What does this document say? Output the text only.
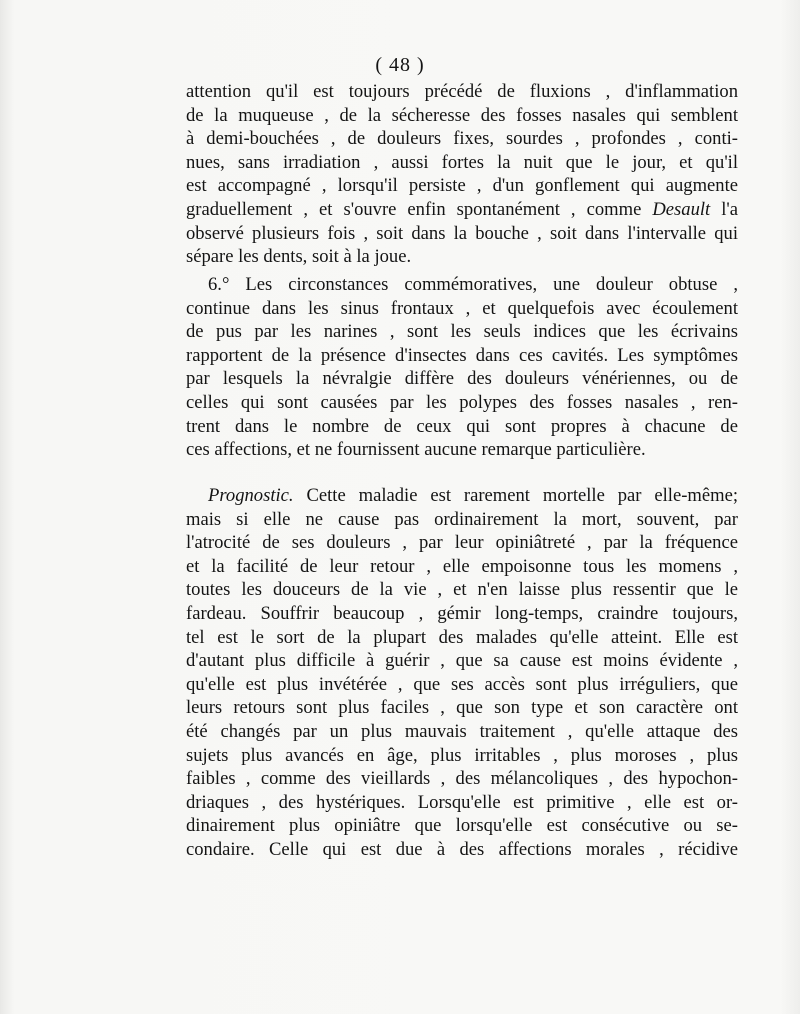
( 48 )
attention qu'il est toujours précédé de fluxions , d'inflammation
de la muqueuse , de la sécheresse des fosses nasales qui semblent
à demi-bouchées , de douleurs fixes, sourdes , profondes , conti-
nues, sans irradiation , aussi fortes la nuit que le jour, et qu'il
est accompagné , lorsqu'il persiste , d'un gonflement qui augmente
graduellement , et s'ouvre enfin spontanément , comme Desault l'a
observé plusieurs fois , soit dans la bouche , soit dans l'intervalle qui
sépare les dents, soit à la joue.
6.° Les circonstances commémoratives, une douleur obtuse ,
continue dans les sinus frontaux , et quelquefois avec écoulement
de pus par les narines , sont les seuls indices que les écrivains
rapportent de la présence d'insectes dans ces cavités. Les symptômes
par lesquels la névralgie diffère des douleurs vénériennes, ou de
celles qui sont causées par les polypes des fosses nasales , ren-
trent dans le nombre de ceux qui sont propres à chacune de
ces affections, et ne fournissent aucune remarque particulière.
Prognostic. Cette maladie est rarement mortelle par elle-même;
mais si elle ne cause pas ordinairement la mort, souvent, par
l'atrocité de ses douleurs , par leur opiniâtreté , par la fréquence
et la facilité de leur retour , elle empoisonne tous les momens ,
toutes les douceurs de la vie , et n'en laisse plus ressentir que le
fardeau. Souffrir beaucoup , gémir long-temps, craindre toujours,
tel est le sort de la plupart des malades qu'elle atteint. Elle est
d'autant plus difficile à guérir , que sa cause est moins évidente ,
qu'elle est plus invétérée , que ses accès sont plus irréguliers, que
leurs retours sont plus faciles , que son type et son caractère ont
été changés par un plus mauvais traitement , qu'elle attaque des
sujets plus avancés en âge, plus irritables , plus moroses , plus
faibles , comme des vieillards , des mélancoliques , des hypochon-
driaques , des hystériques. Lorsqu'elle est primitive , elle est or-
dinairement plus opiniâtre que lorsqu'elle est consécutive ou se-
condaire. Celle qui est due à des affections morales , récidive
